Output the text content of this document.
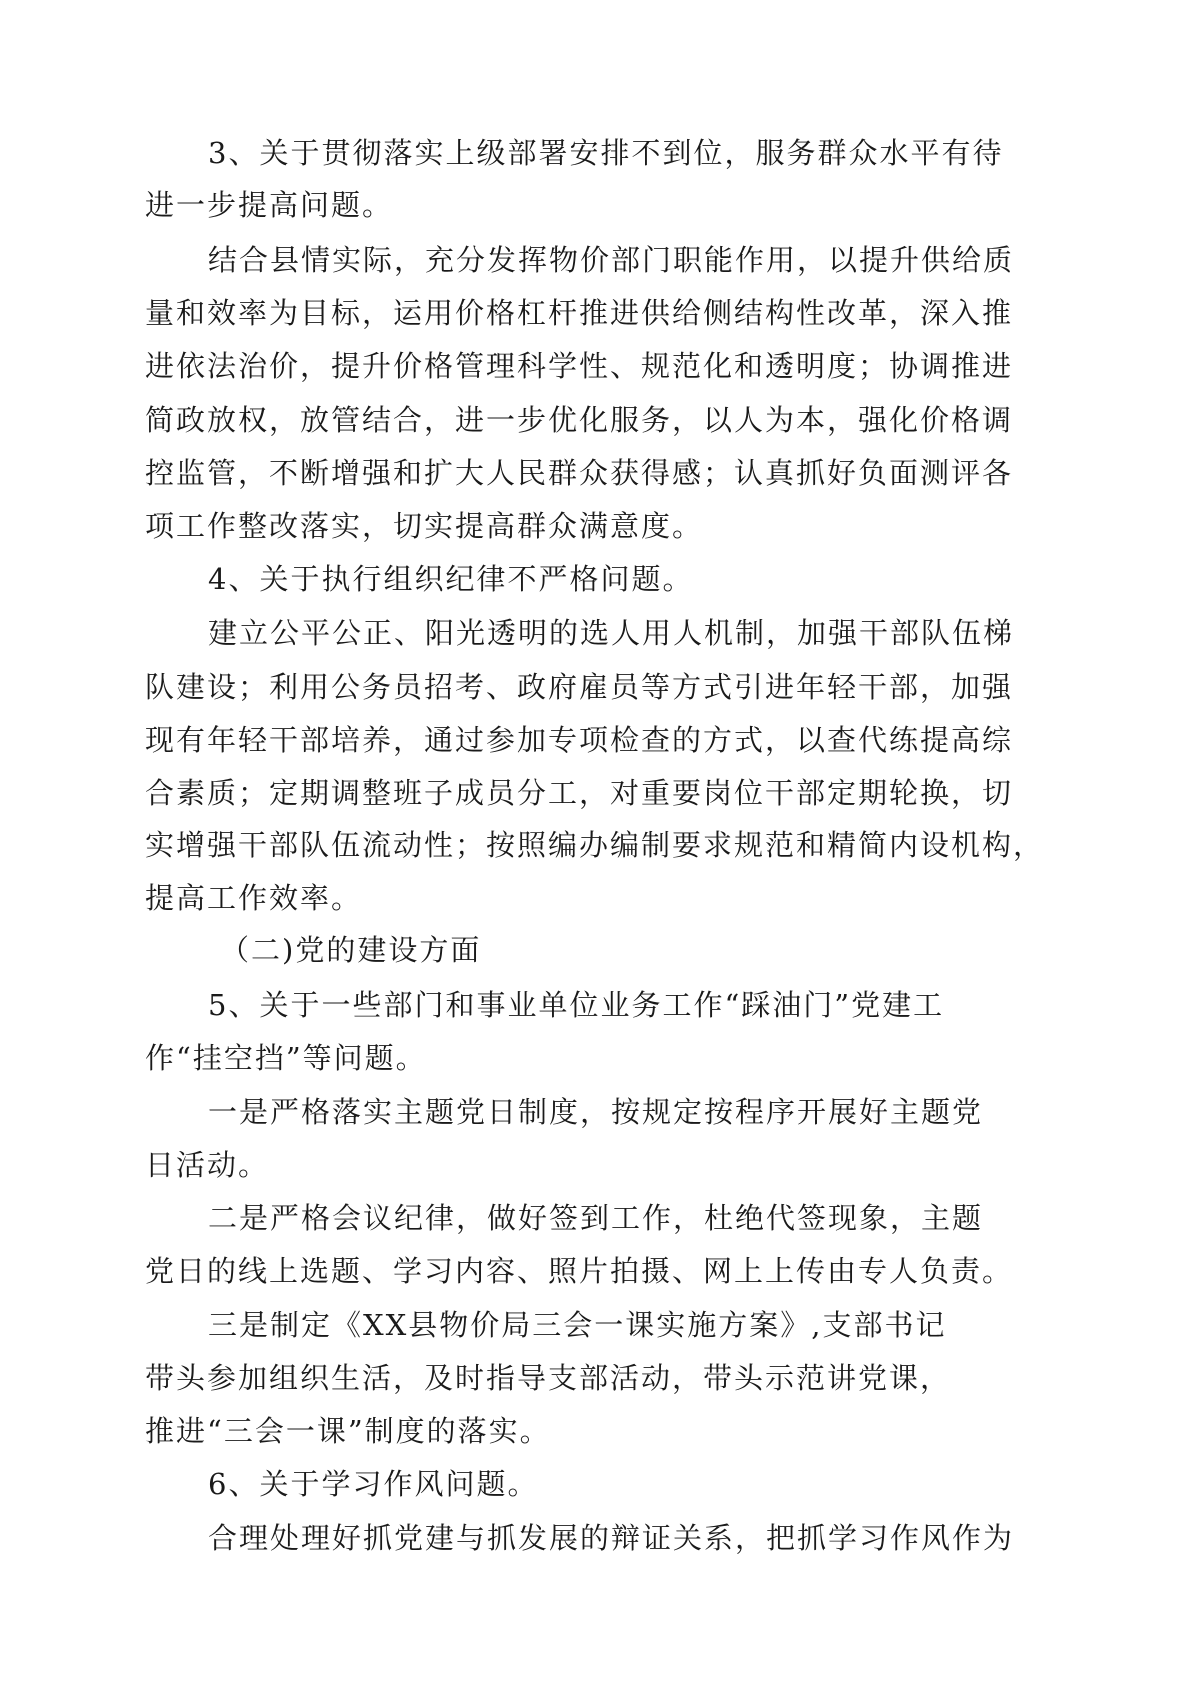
3、关于贯彻落实上级部署安排不到位，服务群众水平有待
进一步提高问题。
结合县情实际，充分发挥物价部门职能作用，以提升供给质
量和效率为目标，运用价格杠杆推进供给侧结构性改革，深入推
进依法治价，提升价格管理科学性、规范化和透明度；协调推进
简政放权，放管结合，进一步优化服务，以人为本，强化价格调
控监管，不断增强和扩大人民群众获得感；认真抓好负面测评各
项工作整改落实，切实提高群众满意度。
4、关于执行组织纪律不严格问题。
建立公平公正、阳光透明的选人用人机制，加强干部队伍梯
队建设；利用公务员招考、政府雇员等方式引进年轻干部，加强
现有年轻干部培养，通过参加专项检查的方式，以查代练提高综
合素质；定期调整班子成员分工，对重要岗位干部定期轮换，切
实增强干部队伍流动性；按照编办编制要求规范和精简内设机构，
提高工作效率。
（二)党的建设方面
5、关于一些部门和事业单位业务工作“踩油门”党建工
作“挂空挡”等问题。
一是严格落实主题党日制度，按规定按程序开展好主题党
日活动。
二是严格会议纪律，做好签到工作，杜绝代签现象，主题
党日的线上选题、学习内容、照片拍摄、网上上传由专人负责。
三是制定《XX县物价局三会一课实施方案》,支部书记
带头参加组织生活，及时指导支部活动，带头示范讲党课，
推进“三会一课”制度的落实。
6、关于学习作风问题。
合理处理好抓党建与抓发展的辩证关系，把抓学习作风作为
